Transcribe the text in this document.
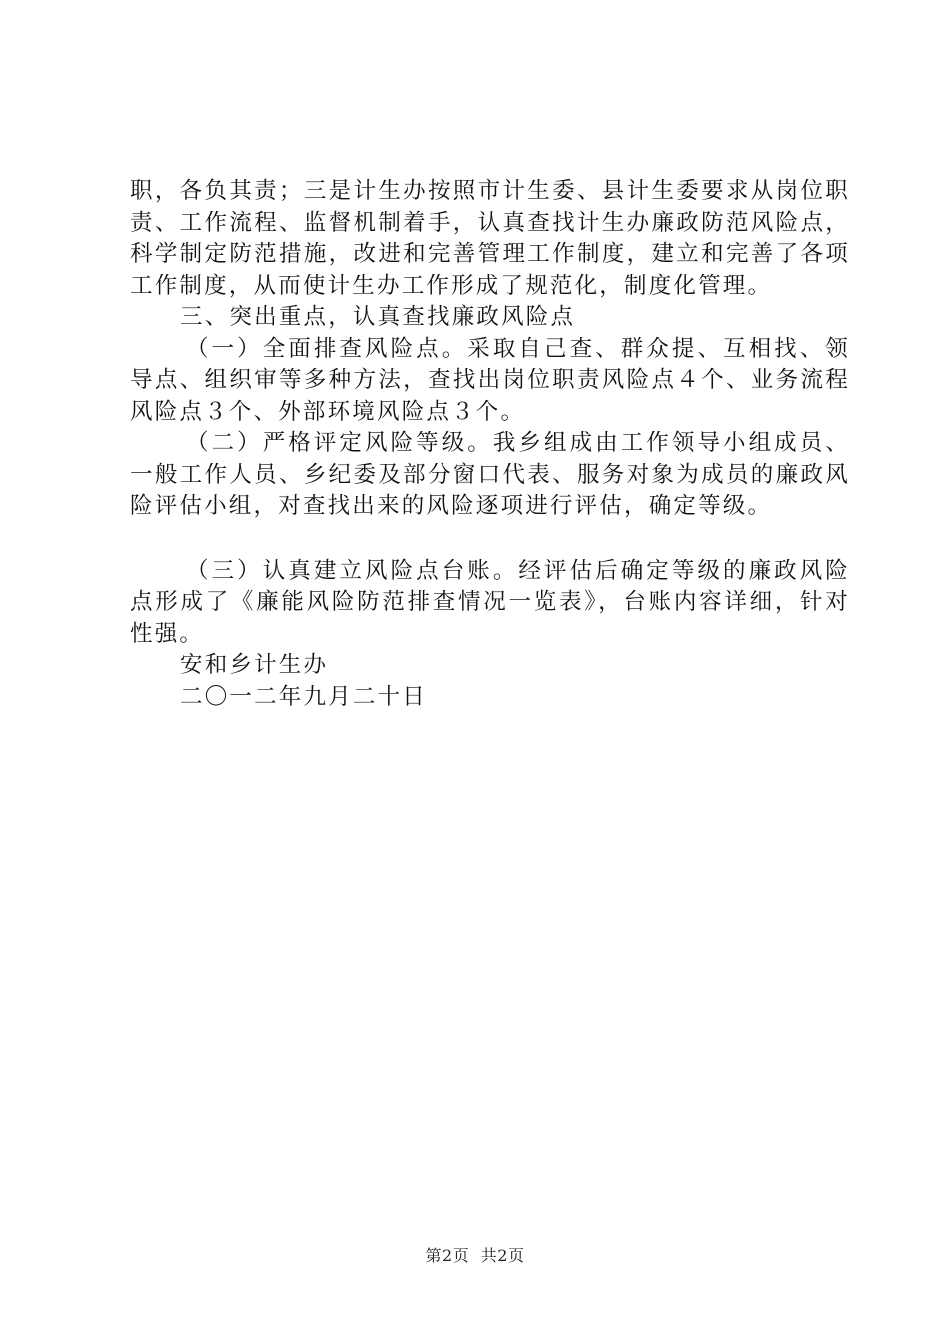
职，各负其责；三是计生办按照市计生委、县计生委要求从岗位职责、工作流程、监督机制着手，认真查找计生办廉政防范风险点，科学制定防范措施，改进和完善管理工作制度，建立和完善了各项工作制度，从而使计生办工作形成了规范化，制度化管理。

三、突出重点，认真查找廉政风险点

（一）全面排查风险点。采取自己查、群众提、互相找、领导点、组织审等多种方法，查找出岗位职责风险点４个、业务流程风险点３个、外部环境风险点３个。

（二）严格评定风险等级。我乡组成由工作领导小组成员、一般工作人员、乡纪委及部分窗口代表、服务对象为成员的廉政风险评估小组，对查找出来的风险逐项进行评估，确定等级。

（三）认真建立风险点台账。经评估后确定等级的廉政风险点形成了《廉能风险防范排查情况一览表》，台账内容详细，针对性强。

安和乡计生办

二〇一二年九月二十日

第2页 共2页
